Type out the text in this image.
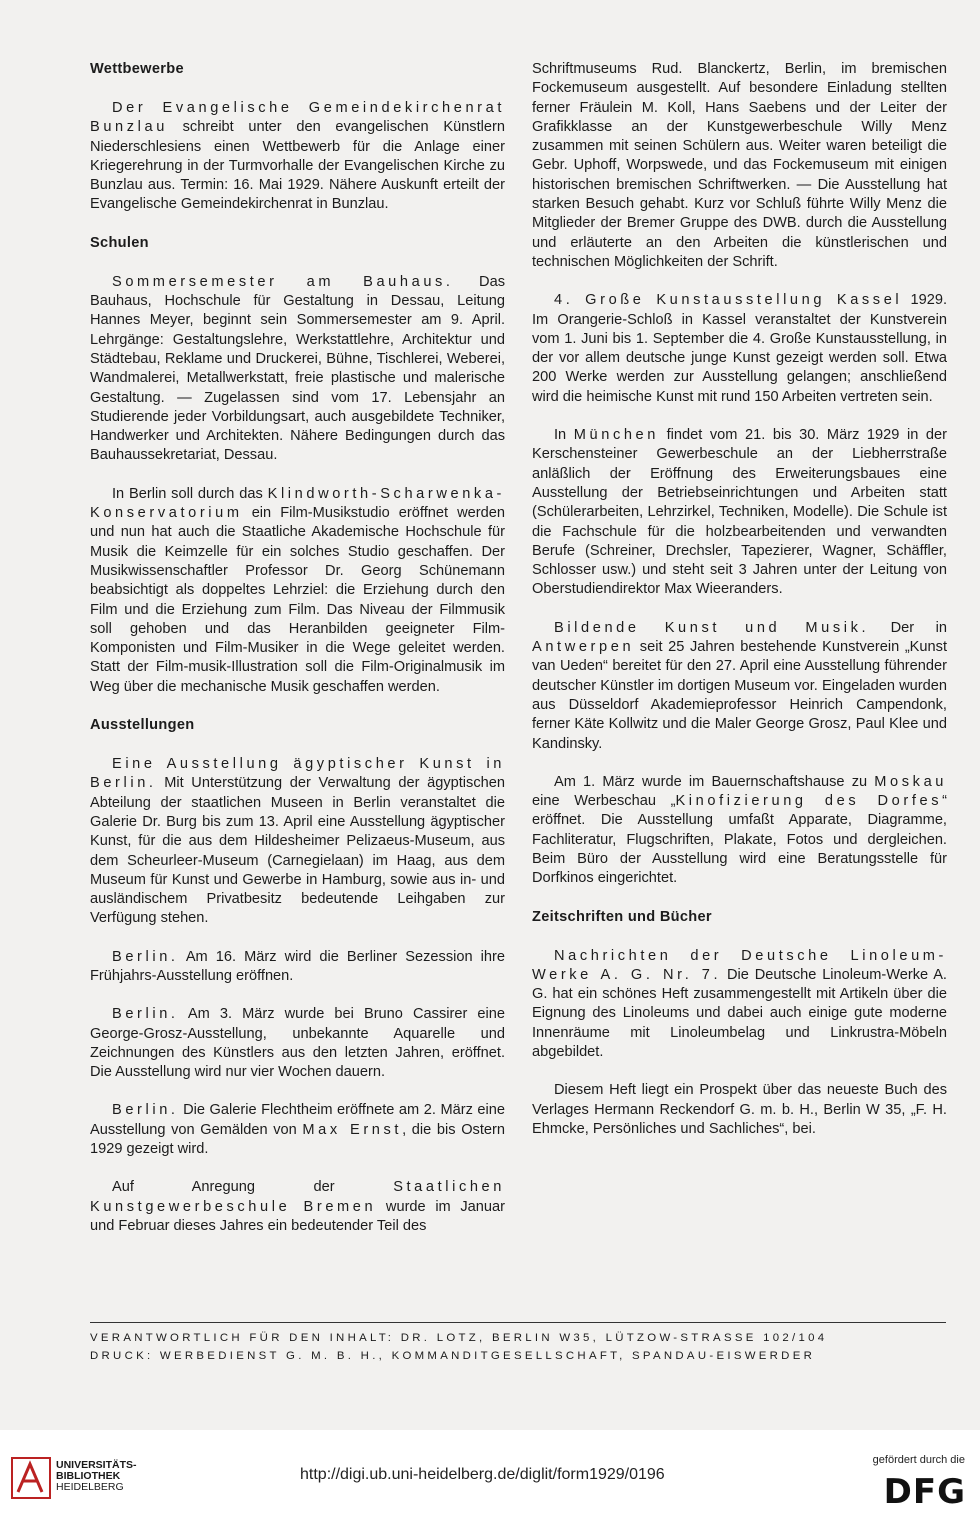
Wettbewerbe

Der Evangelische Gemeindekirchenrat Bunzlau schreibt unter den evangelischen Künstlern Niederschlesiens einen Wettbewerb für die Anlage einer Kriegerehrung in der Turmvorhalle der Evangelischen Kirche zu Bunzlau aus. Termin: 16. Mai 1929. Nähere Auskunft erteilt der Evangelische Gemeindekirchenrat in Bunzlau.

Schulen

Sommersemester am Bauhaus. Das Bauhaus, Hochschule für Gestaltung in Dessau, Leitung Hannes Meyer, beginnt sein Sommersemester am 9. April. Lehrgänge: Gestaltungslehre, Werkstattlehre, Architektur und Städtebau, Reklame und Druckerei, Bühne, Tischlerei, Weberei, Wandmalerei, Metallwerkstatt, freie plastische und malerische Gestaltung. — Zugelassen sind vom 17. Lebensjahr an Studierende jeder Vorbildungsart, auch ausgebildete Techniker, Handwerker und Architekten. Nähere Bedingungen durch das Bauhaussekretariat, Dessau.

In Berlin soll durch das Klindworth-Scharwenka-Konservatorium ein Film-Musikstudio eröffnet werden und nun hat auch die Staatliche Akademische Hochschule für Musik die Keimzelle für ein solches Studio geschaffen. Der Musikwissenschaftler Professor Dr. Georg Schünemann beabsichtigt als doppeltes Lehrziel: die Erziehung durch den Film und die Erziehung zum Film. Das Niveau der Filmmusik soll gehoben und das Heranbilden geeigneter Film-Komponisten und Film-Musiker in die Wege geleitet werden. Statt der Film-musik-Illustration soll die Film-Originalmusik im Weg über die mechanische Musik geschaffen werden.

Ausstellungen

Eine Ausstellung ägyptischer Kunst in Berlin. Mit Unterstützung der Verwaltung der ägyptischen Abteilung der staatlichen Museen in Berlin veranstaltet die Galerie Dr. Burg bis zum 13. April eine Ausstellung ägyptischer Kunst, für die aus dem Hildesheimer Pelizaeus-Museum, aus dem Scheurleer-Museum (Carnegielaan) im Haag, aus dem Museum für Kunst und Gewerbe in Hamburg, sowie aus in- und ausländischem Privatbesitz bedeutende Leihgaben zur Verfügung stehen.

Berlin. Am 16. März wird die Berliner Sezession ihre Frühjahrs-Ausstellung eröffnen.

Berlin. Am 3. März wurde bei Bruno Cassirer eine George-Grosz-Ausstellung, unbekannte Aquarelle und Zeichnungen des Künstlers aus den letzten Jahren, eröffnet. Die Ausstellung wird nur vier Wochen dauern.

Berlin. Die Galerie Flechtheim eröffnete am 2. März eine Ausstellung von Gemälden von Max Ernst, die bis Ostern 1929 gezeigt wird.

Auf Anregung der Staatlichen Kunstgewerbeschule Bremen wurde im Januar und Februar dieses Jahres ein bedeutender Teil des

Schriftmuseums Rud. Blanckertz, Berlin, im bremischen Fockemuseum ausgestellt. Auf besondere Einladung stellten ferner Fräulein M. Koll, Hans Saebens und der Leiter der Grafikklasse an der Kunstgewerbeschule Willy Menz zusammen mit seinen Schülern aus. Weiter waren beteiligt die Gebr. Uphoff, Worpswede, und das Fockemuseum mit einigen historischen bremischen Schriftwerken. — Die Ausstellung hat starken Besuch gehabt. Kurz vor Schluß führte Willy Menz die Mitglieder der Bremer Gruppe des DWB. durch die Ausstellung und erläuterte an den Arbeiten die künstlerischen und technischen Möglichkeiten der Schrift.

4. Große Kunstausstellung Kassel 1929. Im Orangerie-Schloß in Kassel veranstaltet der Kunstverein vom 1. Juni bis 1. September die 4. Große Kunstausstellung, in der vor allem deutsche junge Kunst gezeigt werden soll. Etwa 200 Werke werden zur Ausstellung gelangen; anschließend wird die heimische Kunst mit rund 150 Arbeiten vertreten sein.

In München findet vom 21. bis 30. März 1929 in der Kerschensteiner Gewerbeschule an der Liebherrstraße anläßlich der Eröffnung des Erweiterungsbaues eine Ausstellung der Betriebseinrichtungen und Arbeiten statt (Schülerarbeiten, Lehrzirkel, Techniken, Modelle). Die Schule ist die Fachschule für die holzbearbeitenden und verwandten Berufe (Schreiner, Drechsler, Tapezierer, Wagner, Schäffler, Schlosser usw.) und steht seit 3 Jahren unter der Leitung von Oberstudiendirektor Max Wieeranders.

Bildende Kunst und Musik. Der in Antwerpen seit 25 Jahren bestehende Kunstverein „Kunst van Ueden“ bereitet für den 27. April eine Ausstellung führender deutscher Künstler im dortigen Museum vor. Eingeladen wurden aus Düsseldorf Akademieprofessor Heinrich Campendonk, ferner Käte Kollwitz und die Maler George Grosz, Paul Klee und Kandinsky.

Am 1. März wurde im Bauernschaftshause zu Moskau eine Werbeschau „Kinofizierung des Dorfes“ eröffnet. Die Ausstellung umfaßt Apparate, Diagramme, Fachliteratur, Flugschriften, Plakate, Fotos und dergleichen. Beim Büro der Ausstellung wird eine Beratungsstelle für Dorfkinos eingerichtet.

Zeitschriften und Bücher

Nachrichten der Deutsche Linoleum-Werke A. G. Nr. 7. Die Deutsche Linoleum-Werke A. G. hat ein schönes Heft zusammengestellt mit Artikeln über die Eignung des Linoleums und dabei auch einige gute moderne Innenräume mit Linoleumbelag und Linkrustra-Möbeln abgebildet.

Diesem Heft liegt ein Prospekt über das neueste Buch des Verlages Hermann Reckendorf G. m. b. H., Berlin W 35, „F. H. Ehmcke, Persönliches und Sachliches“, bei.

VERANTWORTLICH FÜR DEN INHALT: DR. LOTZ, BERLIN W35, LÜTZOW-STRASSE 102/104
DRUCK: WERBEDIENST G. M. B. H., KOMMANDITGESELLSCHAFT, SPANDAU-EISWERDER
UNIVERSITÄTS-
BIBLIOTHEK
HEIDELBERG
http://digi.ub.uni-heidelberg.de/diglit/form1929/0196
gefördert durch die
DFG
